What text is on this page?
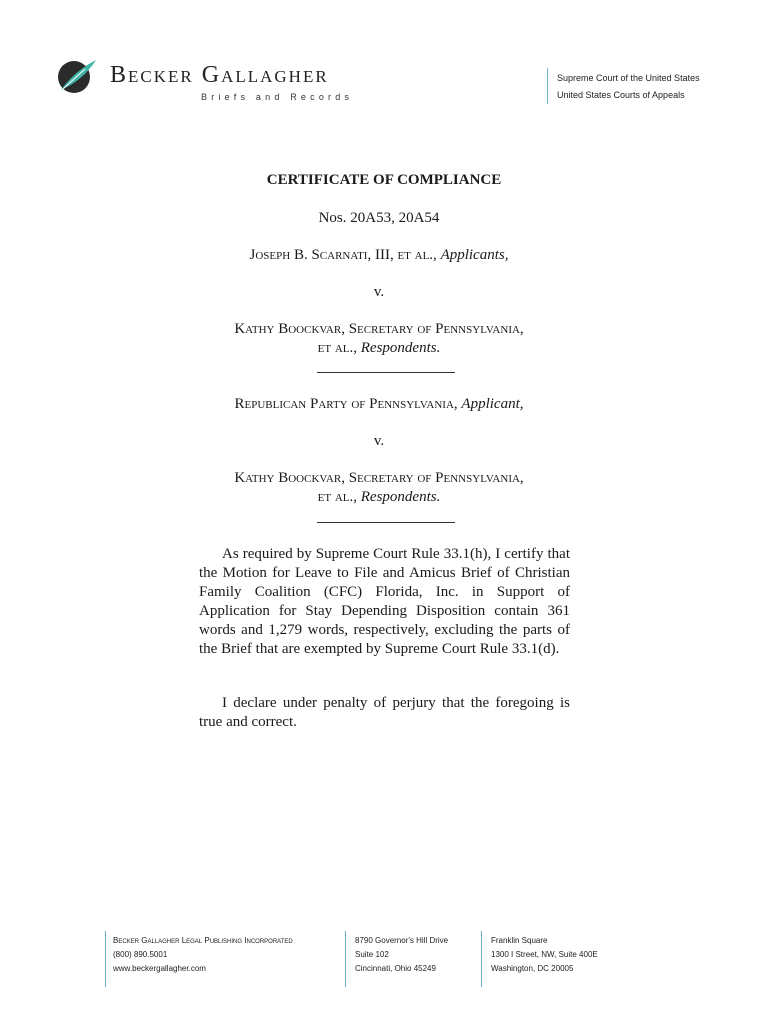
Becker Gallagher
Briefs and Records
Supreme Court of the United States
United States Courts of Appeals
CERTIFICATE OF COMPLIANCE
Nos. 20A53, 20A54
Joseph B. Scarnati, III, et al., Applicants,
v.
Kathy Boockvar, Secretary of Pennsylvania,
et al., Respondents.
Republican Party of Pennsylvania, Applicant,
v.
Kathy Boockvar, Secretary of Pennsylvania,
et al., Respondents.
As required by Supreme Court Rule 33.1(h), I certify that the Motion for Leave to File and Amicus Brief of Christian Family Coalition (CFC) Florida, Inc. in Support of Application for Stay Depending Disposition contain 361 words and 1,279 words, respectively, excluding the parts of the Brief that are exempted by Supreme Court Rule 33.1(d).
I declare under penalty of perjury that the foregoing is true and correct.
Becker Gallagher Legal Publishing Incorporated
(800) 890.5001
www.beckergallagher.com
8790 Governor's Hill Drive
Suite 102
Cincinnati, Ohio 45249
Franklin Square
1300 I Street, NW, Suite 400E
Washington, DC 20005
